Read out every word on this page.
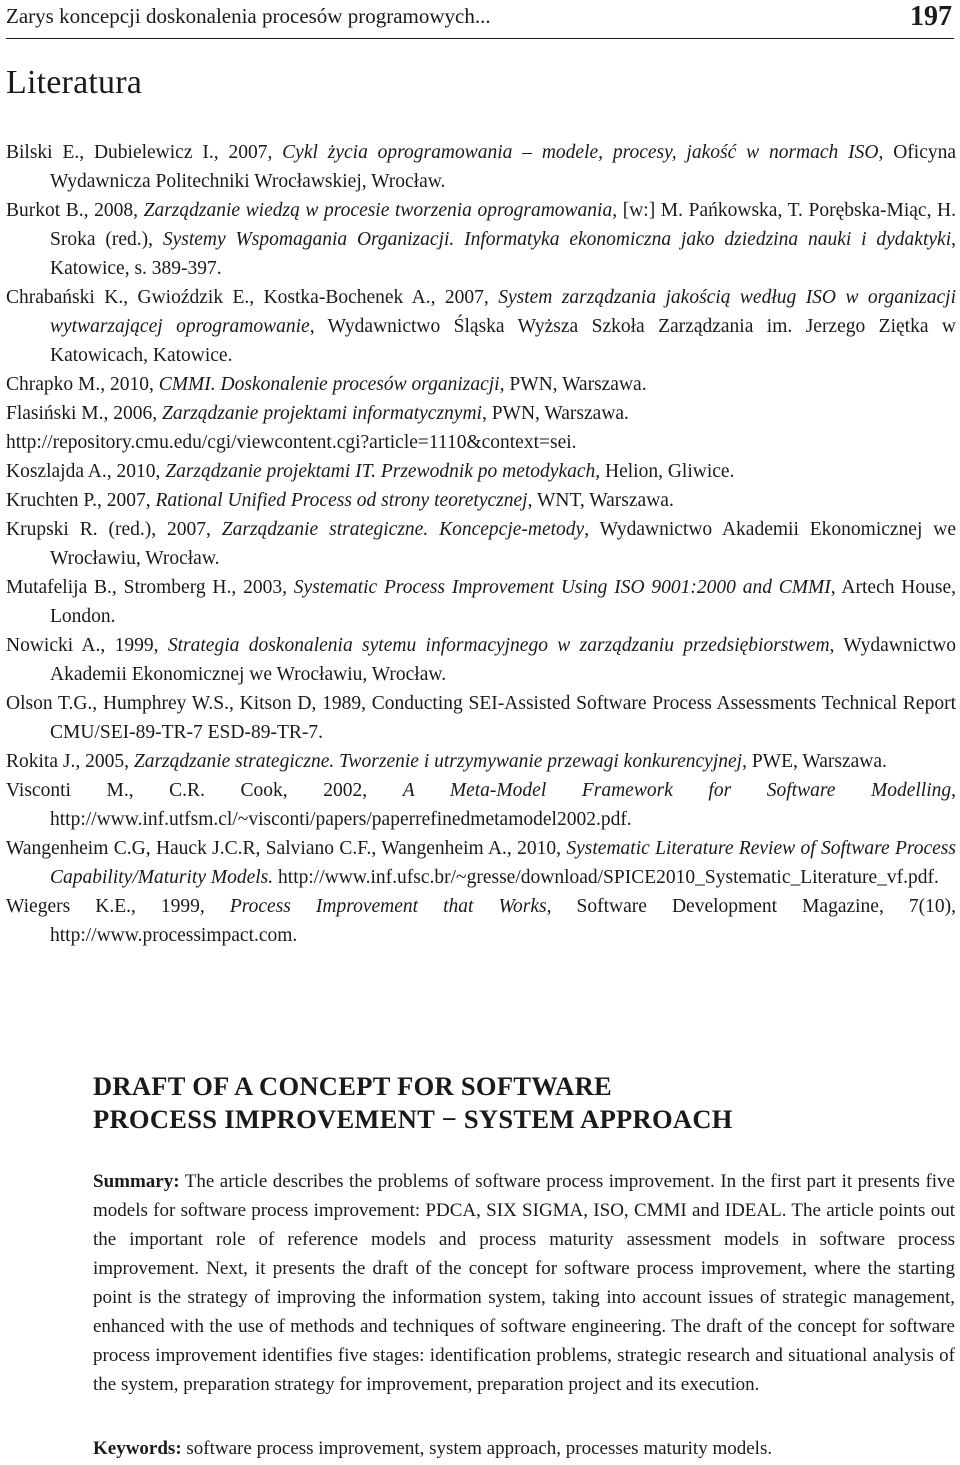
Zarys koncepcji doskonalenia procesów programowych...	197
Literatura
Bilski E., Dubielewicz I., 2007, Cykl życia oprogramowania – modele, procesy, jakość w normach ISO, Oficyna Wydawnicza Politechniki Wrocławskiej, Wrocław.
Burkot B., 2008, Zarządzanie wiedzą w procesie tworzenia oprogramowania, [w:] M. Pańkowska, T. Porębska-Miąc, H. Sroka (red.), Systemy Wspomagania Organizacji. Informatyka ekonomiczna jako dziedzina nauki i dydaktyki, Katowice, s. 389-397.
Chrabański K., Gwioździk E., Kostka-Bochenek A., 2007, System zarządzania jakością według ISO w organizacji wytwarzającej oprogramowanie, Wydawnictwo Śląska Wyższa Szkoła Zarządzania im. Jerzego Ziętka w Katowicach, Katowice.
Chrapko M., 2010, CMMI. Doskonalenie procesów organizacji, PWN, Warszawa.
Flasiński M., 2006, Zarządzanie projektami informatycznymi, PWN, Warszawa.
http://repository.cmu.edu/cgi/viewcontent.cgi?article=1110&context=sei.
Koszlajda A., 2010, Zarządzanie projektami IT. Przewodnik po metodykach, Helion, Gliwice.
Kruchten P., 2007, Rational Unified Process od strony teoretycznej, WNT, Warszawa.
Krupski R. (red.), 2007, Zarządzanie strategiczne. Koncepcje-metody, Wydawnictwo Akademii Ekonomicznej we Wrocławiu, Wrocław.
Mutafelija B., Stromberg H., 2003, Systematic Process Improvement Using ISO 9001:2000 and CMMI, Artech House, London.
Nowicki A., 1999, Strategia doskonalenia sytemu informacyjnego w zarządzaniu przedsiębiorstwem, Wydawnictwo Akademii Ekonomicznej we Wrocławiu, Wrocław.
Olson T.G., Humphrey W.S., Kitson D, 1989, Conducting SEI-Assisted Software Process Assessments Technical Report CMU/SEI-89-TR-7 ESD-89-TR-7.
Rokita J., 2005, Zarządzanie strategiczne. Tworzenie i utrzymywanie przewagi konkurencyjnej, PWE, Warszawa.
Visconti M., C.R. Cook, 2002, A Meta-Model Framework for Software Modelling, http://www.inf.utfsm.cl/~visconti/papers/paperrefinedmetamodel2002.pdf.
Wangenheim C.G, Hauck J.C.R, Salviano C.F., Wangenheim A., 2010, Systematic Literature Review of Software Process Capability/Maturity Models. http://www.inf.ufsc.br/~gresse/download/SPICE2010_Systematic_Literature_vf.pdf.
Wiegers K.E., 1999, Process Improvement that Works, Software Development Magazine, 7(10), http://www.processimpact.com.
DRAFT OF A CONCEPT FOR SOFTWARE
PROCESS IMPROVEMENT − SYSTEM APPROACH

Summary: The article describes the problems of software process improvement. In the first part it presents five models for software process improvement: PDCA, SIX SIGMA, ISO, CMMI and IDEAL. The article points out the important role of reference models and process maturity assessment models in software process improvement. Next, it presents the draft of the concept for software process improvement, where the starting point is the strategy of improving the information system, taking into account issues of strategic management, enhanced with the use of methods and techniques of software engineering. The draft of the concept for software process improvement identifies five stages: identification problems, strategic research and situational analysis of the system, preparation strategy for improvement, preparation project and its execution.

Keywords: software process improvement, system approach, processes maturity models.
